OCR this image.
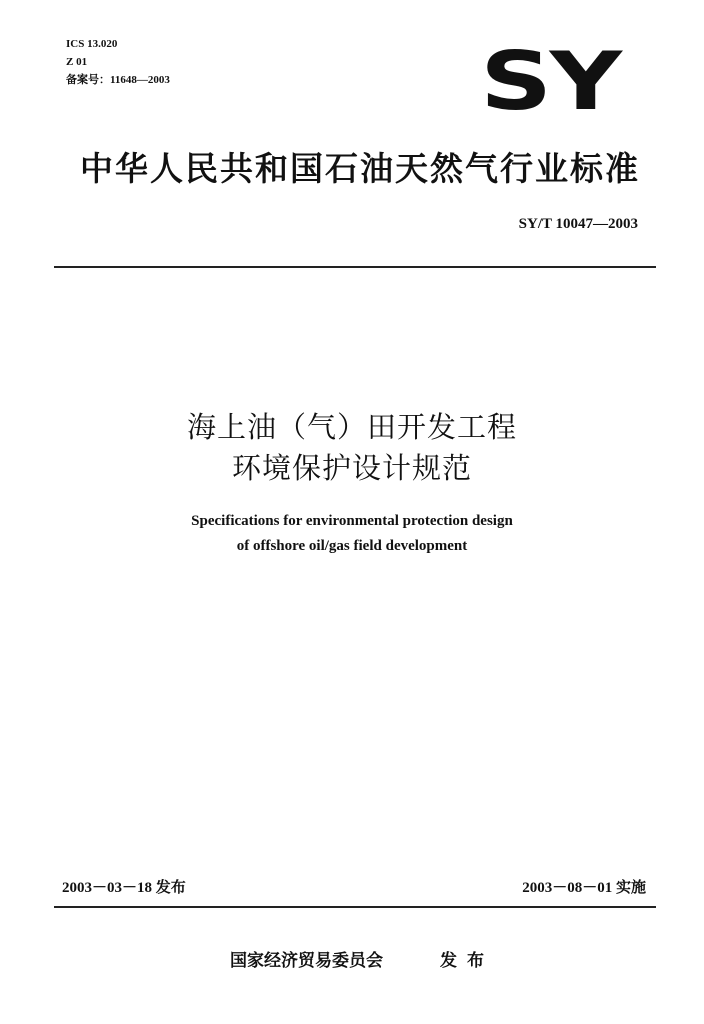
ICS 13.020
Z 01
备案号：11648—2003	SY
中华人民共和国石油天然气行业标准
SY/T 10047—2003
海上油（气）田开发工程
环境保护设计规范
Specifications for environmental protection design
of offshore oil/gas field development
2003－03－18 发布	2003－08－01 实施
国家经济贸易委员会	发布
